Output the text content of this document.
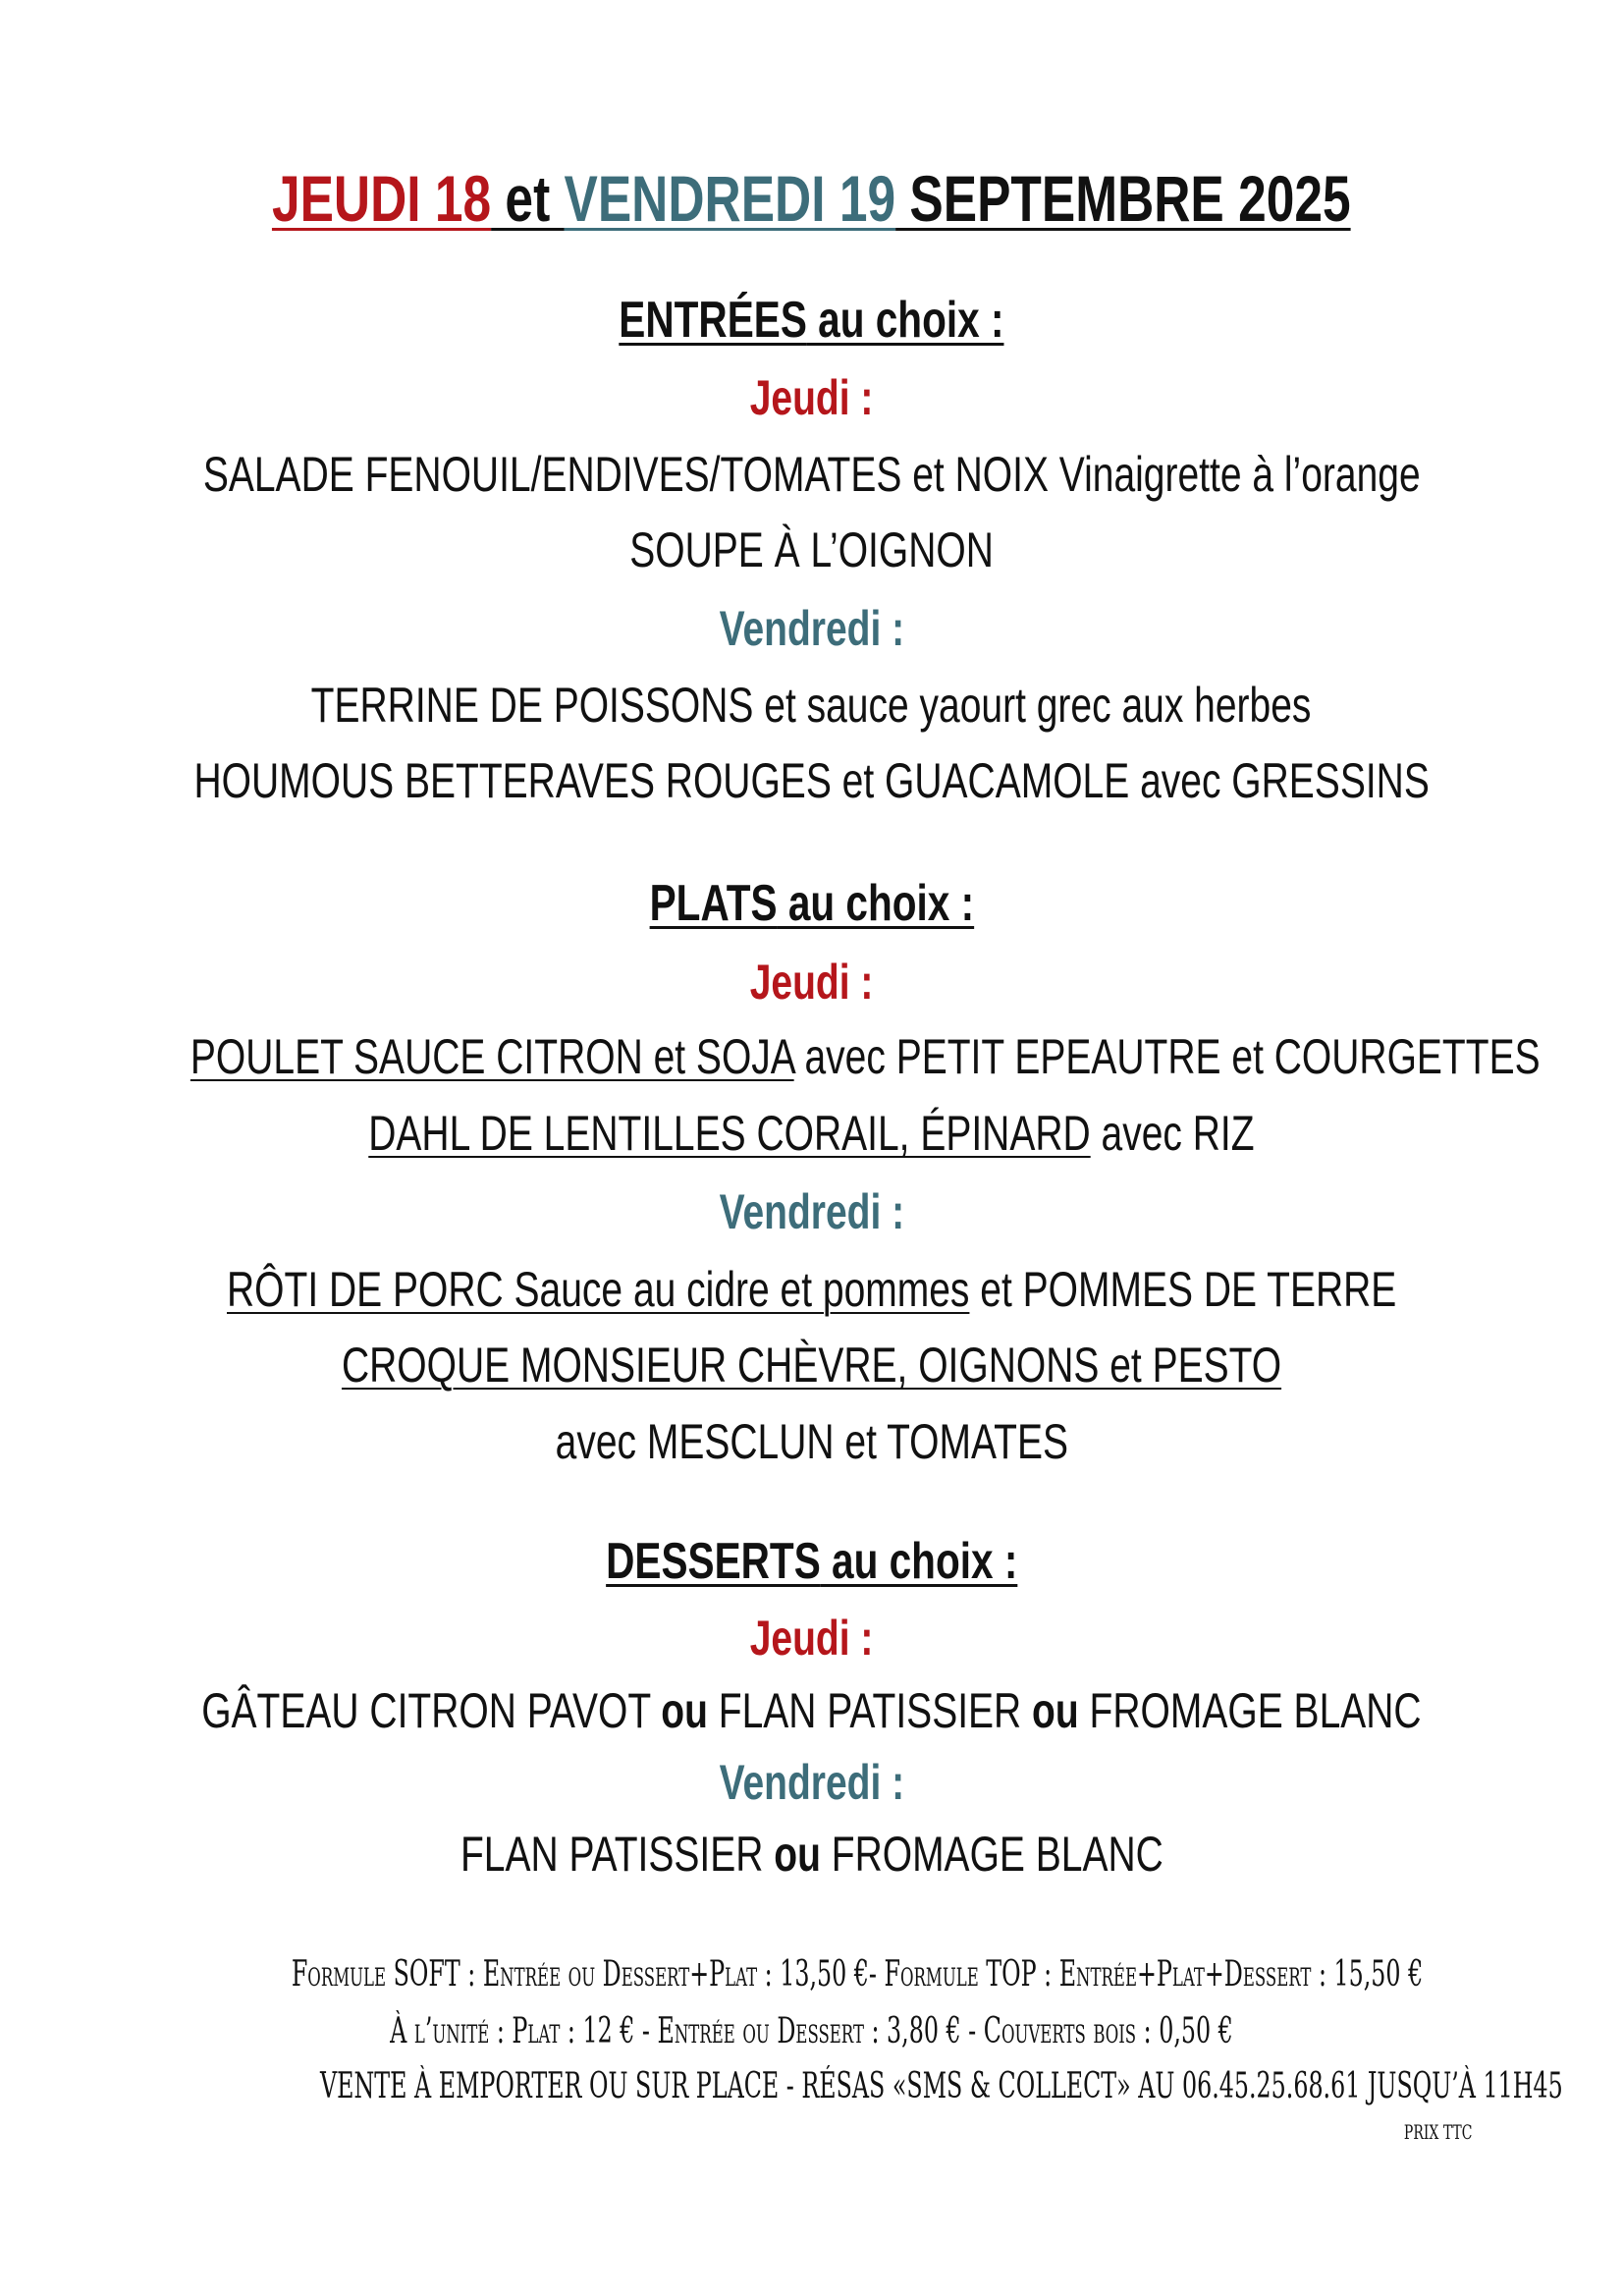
JEUDI 18 et VENDREDI 19 SEPTEMBRE 2025
ENTRÉES au choix :
Jeudi :
SALADE FENOUIL/ENDIVES/TOMATES et NOIX Vinaigrette à l’orange
SOUPE À L’OIGNON
Vendredi :
TERRINE DE POISSONS et sauce yaourt grec aux herbes
HOUMOUS BETTERAVES ROUGES et GUACAMOLE avec GRESSINS
PLATS au choix :
Jeudi :
POULET SAUCE CITRON et SOJA avec PETIT EPEAUTRE et COURGETTES
DAHL DE LENTILLES CORAIL, ÉPINARD avec RIZ
Vendredi :
RÔTI DE PORC Sauce au cidre et pommes et POMMES DE TERRE
CROQUE MONSIEUR CHÈVRE, OIGNONS et PESTO
avec MESCLUN et TOMATES
DESSERTS au choix :
Jeudi :
GÂTEAU CITRON PAVOT ou FLAN PATISSIER ou FROMAGE BLANC
Vendredi :
FLAN PATISSIER ou FROMAGE BLANC
Formule SOFT : Entrée ou Dessert+Plat : 13,50 €- Formule TOP : Entrée+Plat+Dessert : 15,50 €
À l’unité : Plat : 12 € - Entrée ou Dessert : 3,80 € - Couverts bois : 0,50 €
VENTE À EMPORTER OU SUR PLACE - RÉSAS «SMS & COLLECT» AU 06.45.25.68.61 JUSQU’À 11H45
PRIX TTC
